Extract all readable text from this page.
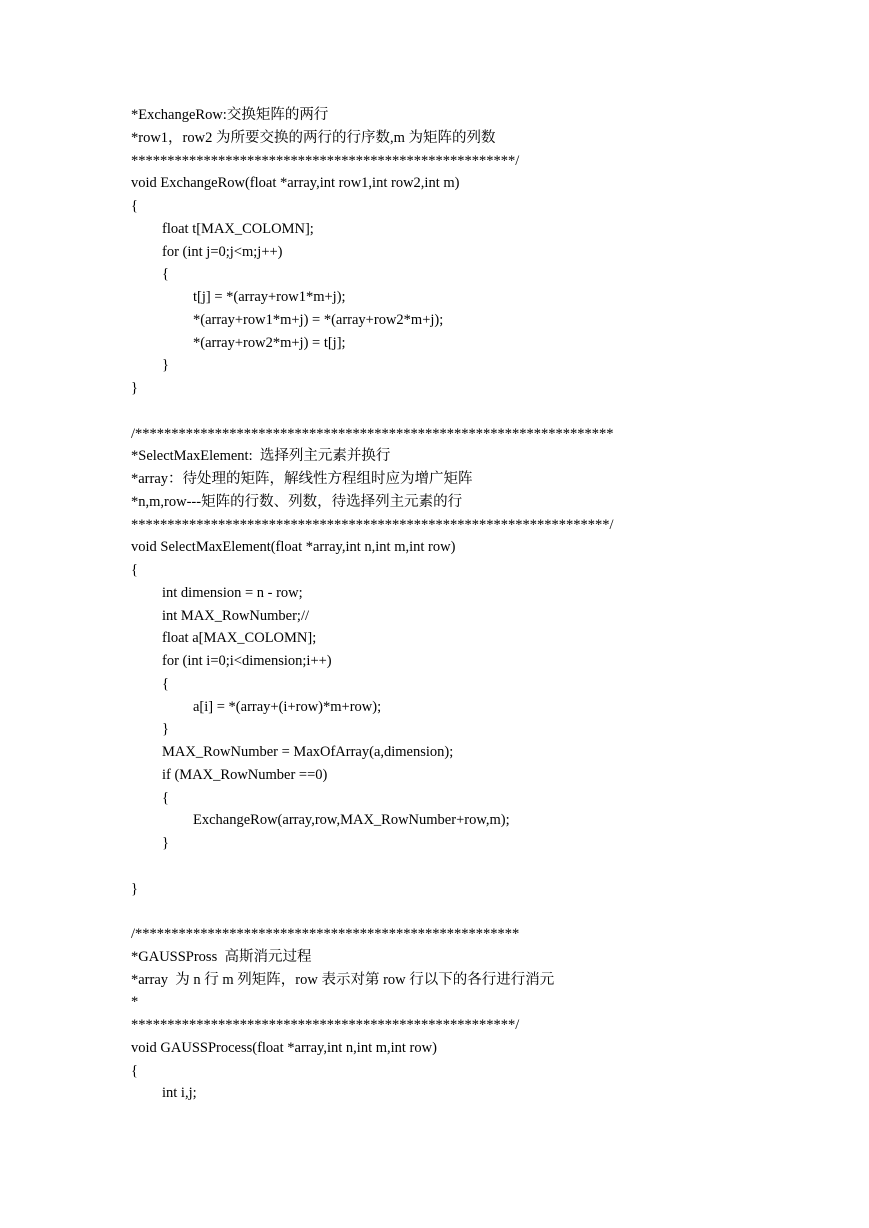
*ExchangeRow:交换矩阵的两行
*row1，row2 为所要交换的两行的行序数,m 为矩阵的列数
*****************************************************/
void ExchangeRow(float *array,int row1,int row2,int m)
{
float t[MAX_COLOMN];
for (int j=0;j<m;j++)
{
t[j] = *(array+row1*m+j);
*(array+row1*m+j) = *(array+row2*m+j);
*(array+row2*m+j) = t[j];
}
}
/******************************************************************
*SelectMaxElement:  选择列主元素并换行
*array：待处理的矩阵，解线性方程组时应为增广矩阵
*n,m,row---矩阵的行数、列数，待选择列主元素的行
******************************************************************/
void SelectMaxElement(float *array,int n,int m,int row)
{
int dimension = n - row;
int MAX_RowNumber;//
float a[MAX_COLOMN];
for (int i=0;i<dimension;i++)
{
a[i] = *(array+(i+row)*m+row);
}
MAX_RowNumber = MaxOfArray(a,dimension);
if (MAX_RowNumber ==0)
{
ExchangeRow(array,row,MAX_RowNumber+row,m);
}
}
/*****************************************************
*GAUSSPross  高斯消元过程
*array  为 n 行 m 列矩阵，row 表示对第 row 行以下的各行进行消元
*
*****************************************************/
void GAUSSProcess(float *array,int n,int m,int row)
{
int i,j;
